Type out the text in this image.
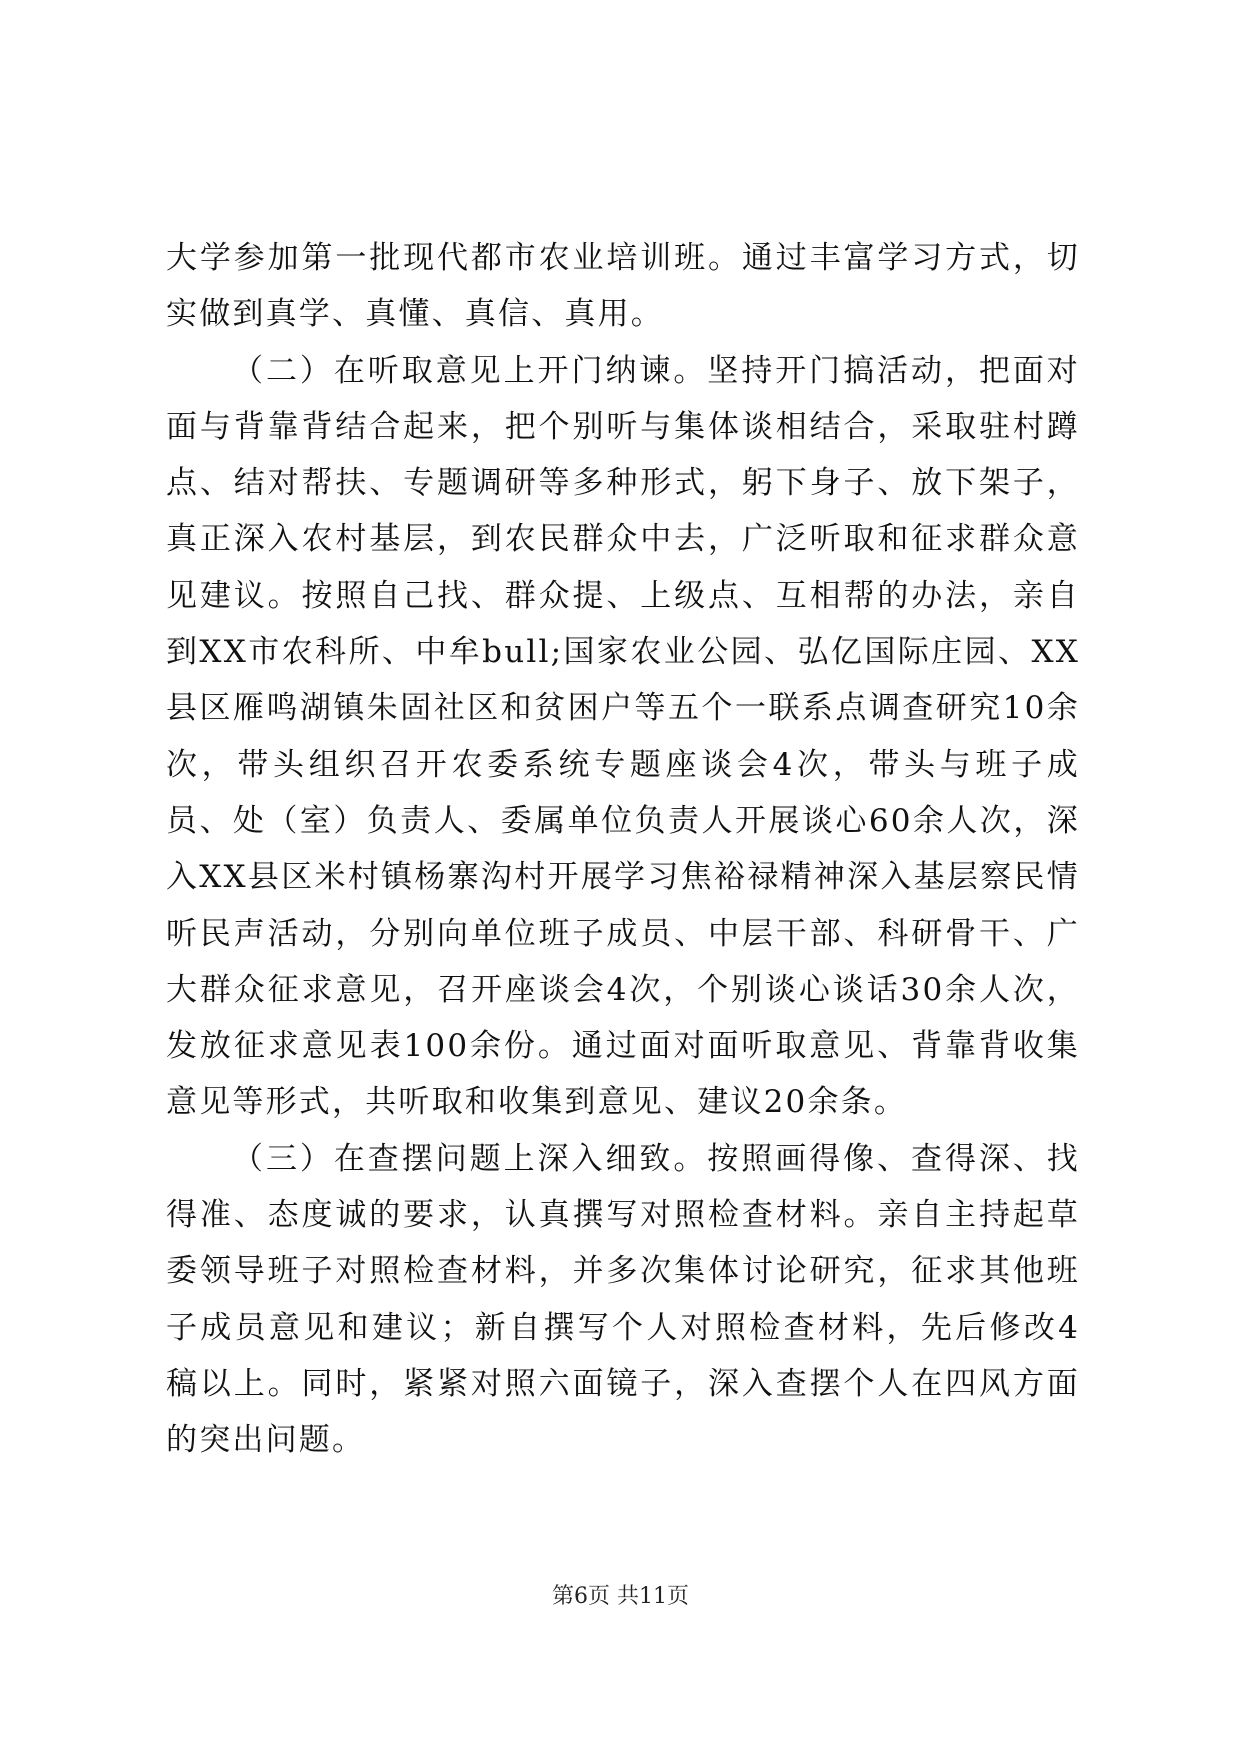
大学参加第一批现代都市农业培训班。通过丰富学习方式，切实做到真学、真懂、真信、真用。

（二）在听取意见上开门纳谏。坚持开门搞活动，把面对面与背靠背结合起来，把个别听与集体谈相结合，采取驻村蹲点、结对帮扶、专题调研等多种形式，躬下身子、放下架子，真正深入农村基层，到农民群众中去，广泛听取和征求群众意见建议。按照自己找、群众提、上级点、互相帮的办法，亲自到XX市农科所、中牟bull;国家农业公园、弘亿国际庄园、XX县区雁鸣湖镇朱固社区和贫困户等五个一联系点调查研究10余次，带头组织召开农委系统专题座谈会4次，带头与班子成员、处（室）负责人、委属单位负责人开展谈心60余人次，深入XX县区米村镇杨寨沟村开展学习焦裕禄精神深入基层察民情听民声活动，分别向单位班子成员、中层干部、科研骨干、广大群众征求意见，召开座谈会4次，个别谈心谈话30余人次，发放征求意见表100余份。通过面对面听取意见、背靠背收集意见等形式，共听取和收集到意见、建议20余条。

（三）在查摆问题上深入细致。按照画得像、查得深、找得准、态度诚的要求，认真撰写对照检查材料。亲自主持起草委领导班子对照检查材料，并多次集体讨论研究，征求其他班子成员意见和建议；新自撰写个人对照检查材料，先后修改4稿以上。同时，紧紧对照六面镜子，深入查摆个人在四风方面的突出问题。

第6页 共11页
